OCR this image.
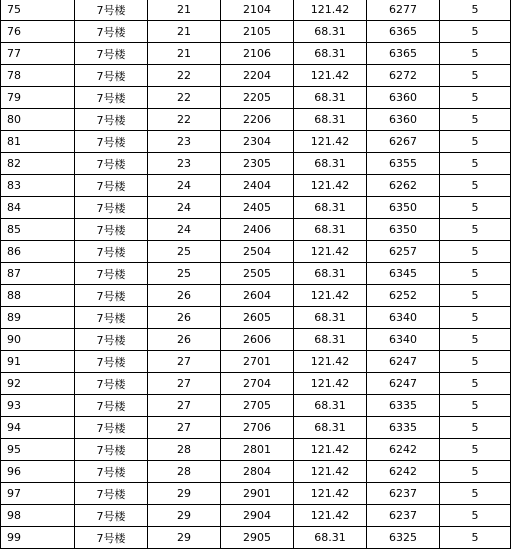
75	7号楼	21	2104	121.42	6277	5
76	7号楼	21	2105	68.31	6365	5
77	7号楼	21	2106	68.31	6365	5
78	7号楼	22	2204	121.42	6272	5
79	7号楼	22	2205	68.31	6360	5
80	7号楼	22	2206	68.31	6360	5
81	7号楼	23	2304	121.42	6267	5
82	7号楼	23	2305	68.31	6355	5
83	7号楼	24	2404	121.42	6262	5
84	7号楼	24	2405	68.31	6350	5
85	7号楼	24	2406	68.31	6350	5
86	7号楼	25	2504	121.42	6257	5
87	7号楼	25	2505	68.31	6345	5
88	7号楼	26	2604	121.42	6252	5
89	7号楼	26	2605	68.31	6340	5
90	7号楼	26	2606	68.31	6340	5
91	7号楼	27	2701	121.42	6247	5
92	7号楼	27	2704	121.42	6247	5
93	7号楼	27	2705	68.31	6335	5
94	7号楼	27	2706	68.31	6335	5
95	7号楼	28	2801	121.42	6242	5
96	7号楼	28	2804	121.42	6242	5
97	7号楼	29	2901	121.42	6237	5
98	7号楼	29	2904	121.42	6237	5
99	7号楼	29	2905	68.31	6325	5
